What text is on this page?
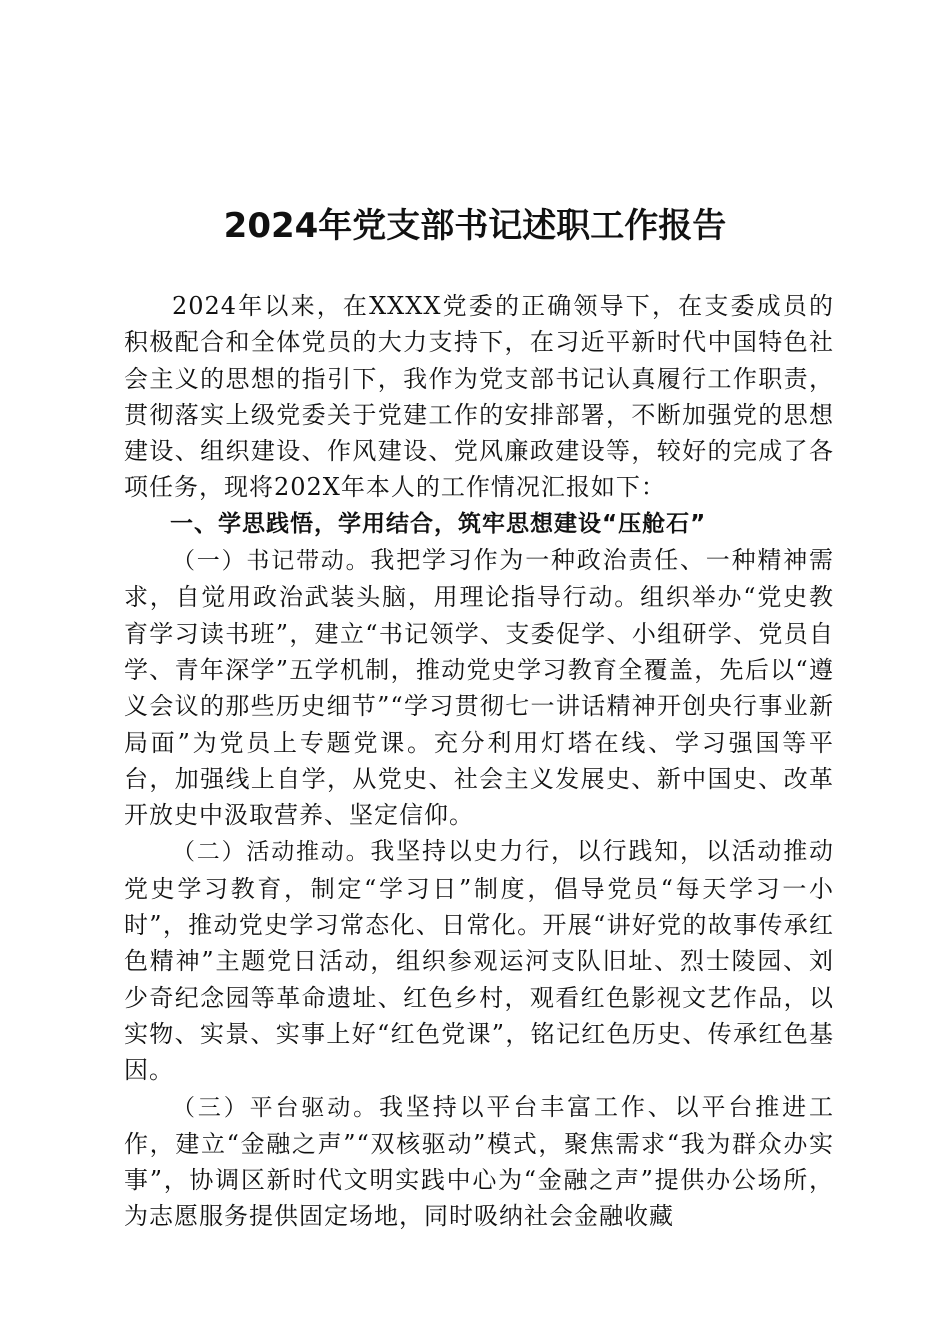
2024年党支部书记述职工作报告

2024年以来，在XXXX党委的正确领导下，在支委成员的积极配合和全体党员的大力支持下，在习近平新时代中国特色社会主义的思想的指引下，我作为党支部书记认真履行工作职责，贯彻落实上级党委关于党建工作的安排部署，不断加强党的思想建设、组织建设、作风建设、党风廉政建设等，较好的完成了各项任务，现将202X年本人的工作情况汇报如下：

一、学思践悟，学用结合，筑牢思想建设“压舱石”

（一）书记带动。我把学习作为一种政治责任、一种精神需求，自觉用政治武装头脑，用理论指导行动。组织举办“党史教育学习读书班”，建立“书记领学、支委促学、小组研学、党员自学、青年深学”五学机制，推动党史学习教育全覆盖，先后以“遵义会议的那些历史细节”“学习贯彻七一讲话精神开创央行事业新局面”为党员上专题党课。充分利用灯塔在线、学习强国等平台，加强线上自学，从党史、社会主义发展史、新中国史、改革开放史中汲取营养、坚定信仰。

（二）活动推动。我坚持以史力行，以行践知，以活动推动党史学习教育，制定“学习日”制度，倡导党员“每天学习一小时”，推动党史学习常态化、日常化。开展“讲好党的故事传承红色精神”主题党日活动，组织参观运河支队旧址、烈士陵园、刘少奇纪念园等革命遗址、红色乡村，观看红色影视文艺作品，以实物、实景、实事上好“红色党课”，铭记红色历史、传承红色基因。

（三）平台驱动。我坚持以平台丰富工作、以平台推进工作，建立“金融之声”“双核驱动”模式，聚焦需求“我为群众办实事”，协调区新时代文明实践中心为“金融之声”提供办公场所，为志愿服务提供固定场地，同时吸纳社会金融收藏
